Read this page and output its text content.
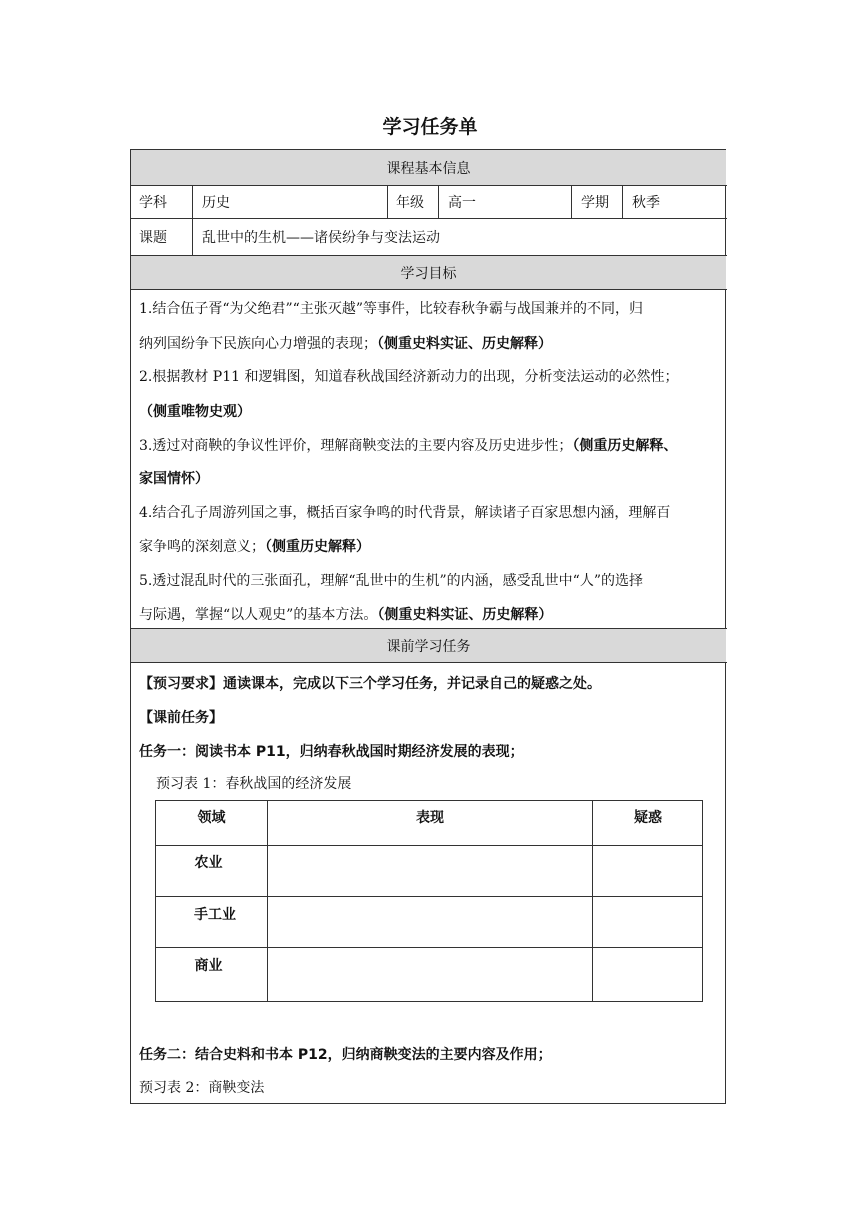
学习任务单
课程基本信息
学科	历史	年级 高一	学期 秋季
课题	乱世中的生机——诸侯纷争与变法运动
学习目标
1.结合伍子胥“为父绝君”“主张灭越”等事件，比较春秋争霸与战国兼并的不同，归
纳列国纷争下民族向心力增强的表现；（侧重史料实证、历史解释）
2.根据教材 P11 和逻辑图，知道春秋战国经济新动力的出现，分析变法运动的必然性；
（侧重唯物史观）
3.透过对商鞅的争议性评价，理解商鞅变法的主要内容及历史进步性；（侧重历史解释、
家国情怀）
4.结合孔子周游列国之事，概括百家争鸣的时代背景，解读诸子百家思想内涵，理解百
家争鸣的深刻意义；（侧重历史解释）
5.透过混乱时代的三张面孔，理解“乱世中的生机”的内涵，感受乱世中“人”的选择
与际遇，掌握“以人观史”的基本方法。（侧重史料实证、历史解释）
课前学习任务
【预习要求】通读课本，完成以下三个学习任务，并记录自己的疑惑之处。
【课前任务】
任务一：阅读书本 P11，归纳春秋战国时期经济发展的表现；
预习表 1：春秋战国的经济发展
领域	表现	疑惑
农业
手工业
商业
任务二：结合史料和书本 P12，归纳商鞅变法的主要内容及作用；
预习表 2：商鞅变法
